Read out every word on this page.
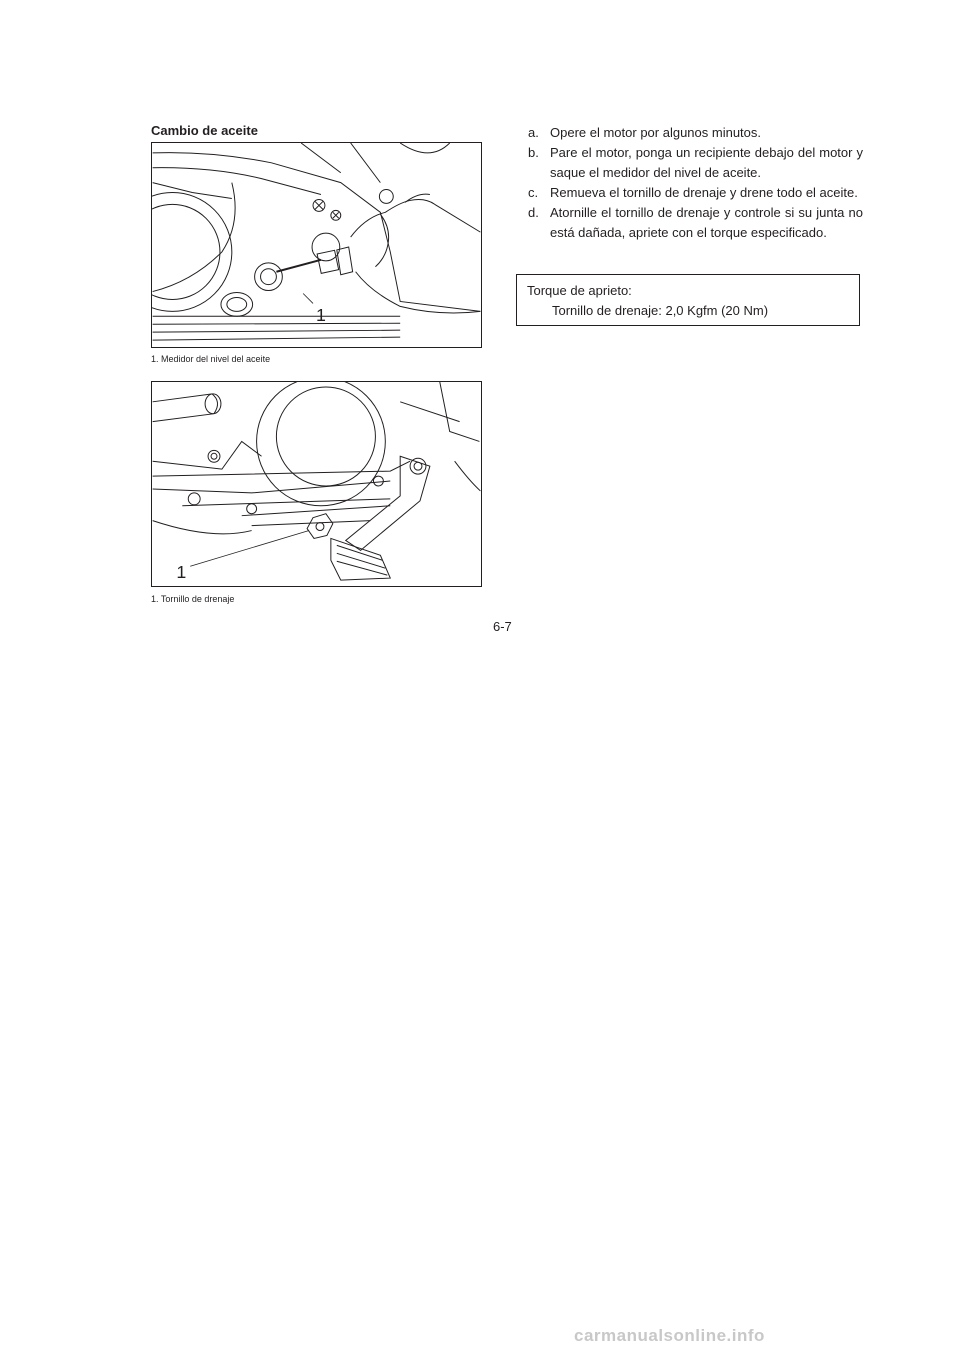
Cambio de aceite
1

1. Medidor del nivel del aceite

1

1. Tornillo de drenaje

a. Opere el motor por algunos minutos.
b. Pare el motor, ponga un recipiente debajo del motor y saque el medidor del nivel de aceite.
c. Remueva el tornillo de drenaje y drene todo el aceite.
d. Atornille el tornillo de drenaje y controle si su junta no está dañada, apriete con el torque especificado.
Torque de aprieto:
Tornillo de drenaje: 2,0 Kgfm (20 Nm)
6-7
carmanualsonline.info
